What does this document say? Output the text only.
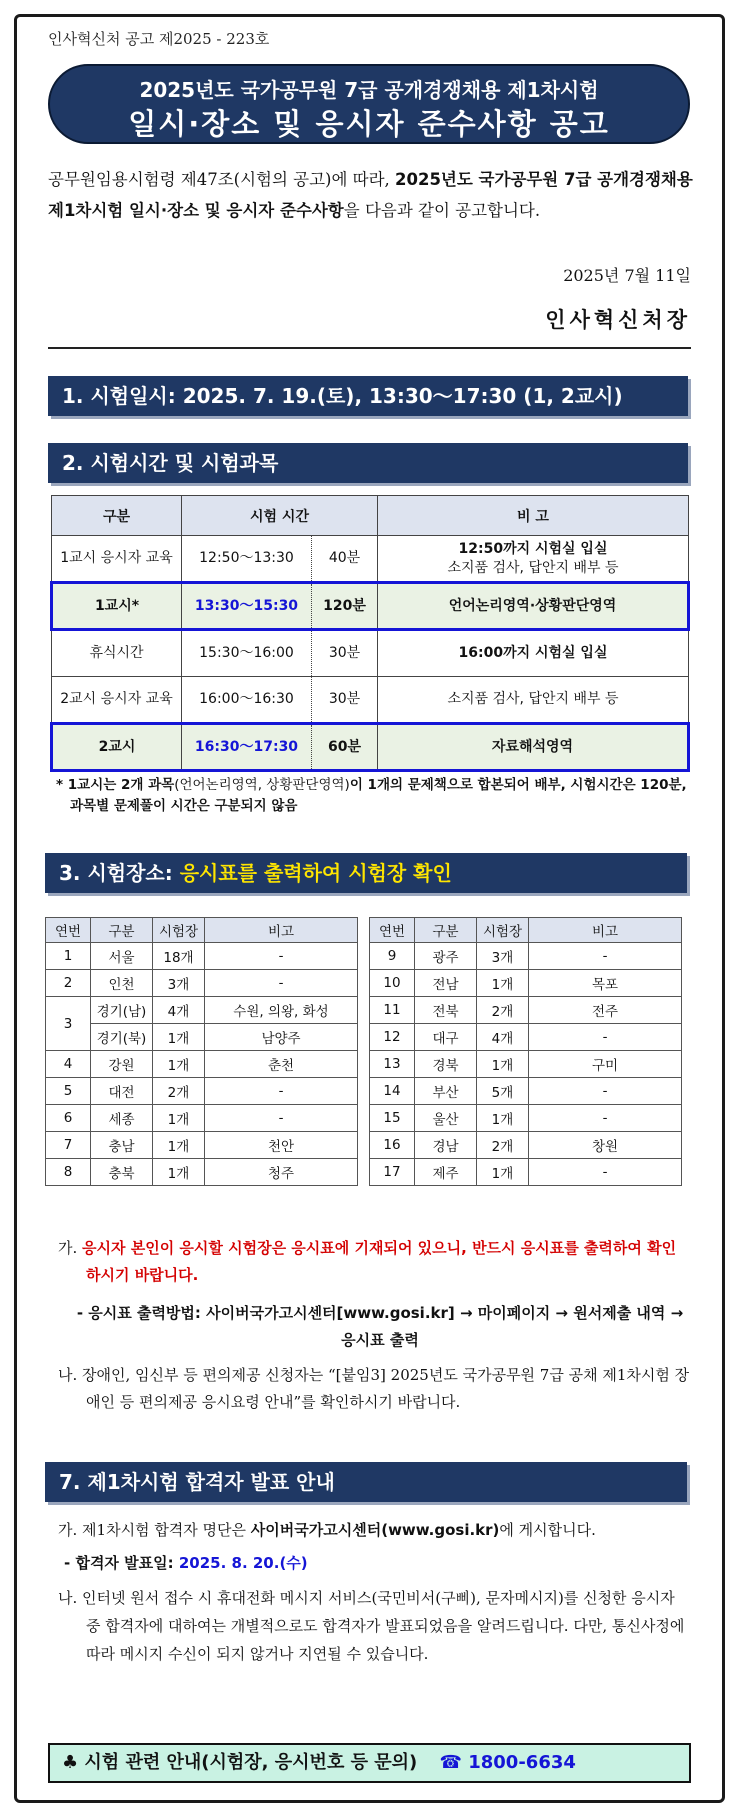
인사혁신처 공고 제2025 - 223호
2025년도 국가공무원 7급 공개경쟁채용 제1차시험
일시·장소 및 응시자 준수사항 공고
공무원임용시험령 제47조(시험의 공고)에 따라, 2025년도 국가공무원 7급 공개경쟁채용 제1차시험 일시·장소 및 응시자 준수사항을 다음과 같이 공고합니다.
2025년 7월 11일
인사혁신처장
1. 시험일시: 2025. 7. 19.(토), 13:30～17:30 (1, 2교시)
2. 시험시간 및 시험과목
구분	시험 시간		비 고
1교시 응시자 교육	12:50～13:30	40분	12:50까지 시험실 입실
소지품 검사, 답안지 배부 등
1교시*	13:30～15:30	120분	언어논리영역·상황판단영역
휴식시간	15:30～16:00	30분	16:00까지 시험실 입실
2교시 응시자 교육	16:00～16:30	30분	소지품 검사, 답안지 배부 등
2교시	16:30～17:30	60분	자료해석영역
* 1교시는 2개 과목(언어논리영역, 상황판단영역)이 1개의 문제책으로 합본되어 배부, 시험시간은 120분, 과목별 문제풀이 시간은 구분되지 않음
3. 시험장소: 응시표를 출력하여 시험장 확인
연번	구분	시험장	비고
1	서울	18개	-
2	인천	3개	-
3	경기(남)	4개	수원, 의왕, 화성
	경기(북)	1개	남양주
4	강원	1개	춘천
5	대전	2개	-
6	세종	1개	-
7	충남	1개	천안
8	충북	1개	청주
연번	구분	시험장	비고
9	광주	3개	-
10	전남	1개	목포
11	전북	2개	전주
12	대구	4개	-
13	경북	1개	구미
14	부산	5개	-
15	울산	1개	-
16	경남	2개	창원
17	제주	1개	-
가. 응시자 본인이 응시할 시험장은 응시표에 기재되어 있으니, 반드시 응시표를 출력하여 확인하시기 바랍니다.
- 응시표 출력방법: 사이버국가고시센터[www.gosi.kr] → 마이페이지 → 원서제출 내역 → 응시표 출력
나. 장애인, 임신부 등 편의제공 신청자는 “[붙임3] 2025년도 국가공무원 7급 공채 제1차시험 장애인 등 편의제공 응시요령 안내”를 확인하시기 바랍니다.
7. 제1차시험 합격자 발표 안내
가. 제1차시험 합격자 명단은 사이버국가고시센터(www.gosi.kr)에 게시합니다.
- 합격자 발표일: 2025. 8. 20.(수)
나. 인터넷 원서 접수 시 휴대전화 메시지 서비스(국민비서(구삐), 문자메시지)를 신청한 응시자 중 합격자에 대하여는 개별적으로도 합격자가 발표되었음을 알려드립니다. 다만, 통신사정에 따라 메시지 수신이 되지 않거나 지연될 수 있습니다.
♣ 시험 관련 안내(시험장, 응시번호 등 문의) ☎ 1800-6634
